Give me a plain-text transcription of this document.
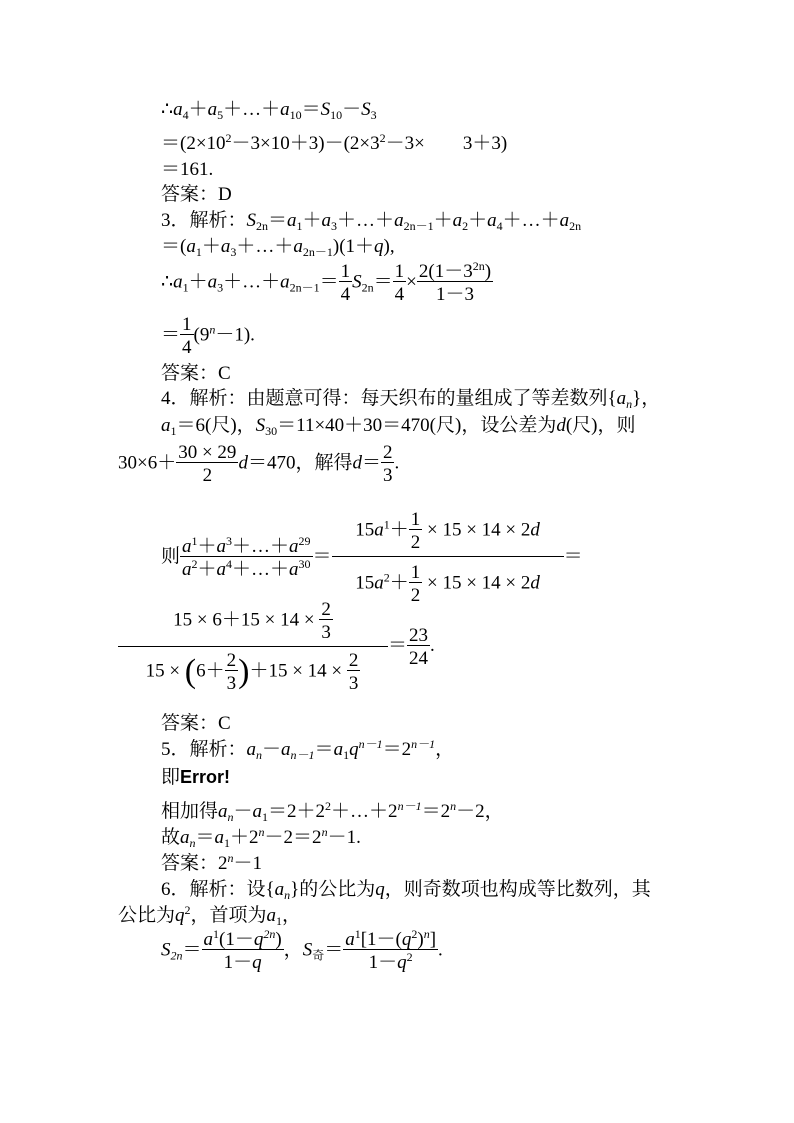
$\therefore a_4+a_5+\dots+a_{10}=S_{10}-S_3$
$=(2\times 10^2-3\times 10+3)-(2\times 3^2-3\times 3+3)$
＝161.
答案：D
3．解析：$S_{2n}=a_1+a_3+\dots+a_{2n-1}+a_2+a_4+\dots+a_{2n}$
$=(a_1+a_3+\dots+a_{2n-1})(1+q)$,
$\therefore a_1+a_3+\dots+a_{2n-1}= \frac{1}{4} S_{2n}= \frac{1}{4} \times \frac{2(1-3^{2n})}{1-3}$
＝ $\frac{1}{4} (9^n-1)$.
答案：C
4．解析：由题意可得：每天织布的量组成了等差数列$\{a_n\}$，
$a_1=6$(尺)，$S_{30}=11\times 40+30=470$(尺)，设公差为d(尺)，则
$30\times 6+ \frac{30 \times 29}{2} d=470$，解得$d= \frac{2}{3}$ .
则 $\frac{a^1+a^3+\dots+a^{29}}{a^2+a^4+\dots+a^{30}} = \frac{15a^1+ \frac{1}{2} \times 15 \times 14 \times 2d}{15a^2+ \frac{1}{2} \times 15 \times 14 \times 2d}$ ＝
$\frac{15 \times 6+15 \times 14 \times \frac{2}{3}}{15 \times (6+ \frac{2}{3} )+15 \times 14 \times \frac{2}{3}} = \frac{23}{24}$ .
答案：C
5．解析：$a_n-a_{n-1}=a_1q^{n-1}=2^{n-1}$，
即Error!
相加得$a_n-a_1=2+2^2+\dots+2^{n-1}=2^n-2$，
故$a_n=a_1+2^n-2=2^n-1$.
答案：$2^n-1$
6．解析：设$\{a_n\}$的公比为q，则奇数项也构成等比数列，其
公比为$q^2$，首项为$a_1$，
$S_{2n}= \frac{a^1(1-q^{2n})}{1-q}$ ，$S_奇= \frac{a^1[1-(q^2)^n]}{1-q^2}$ .
